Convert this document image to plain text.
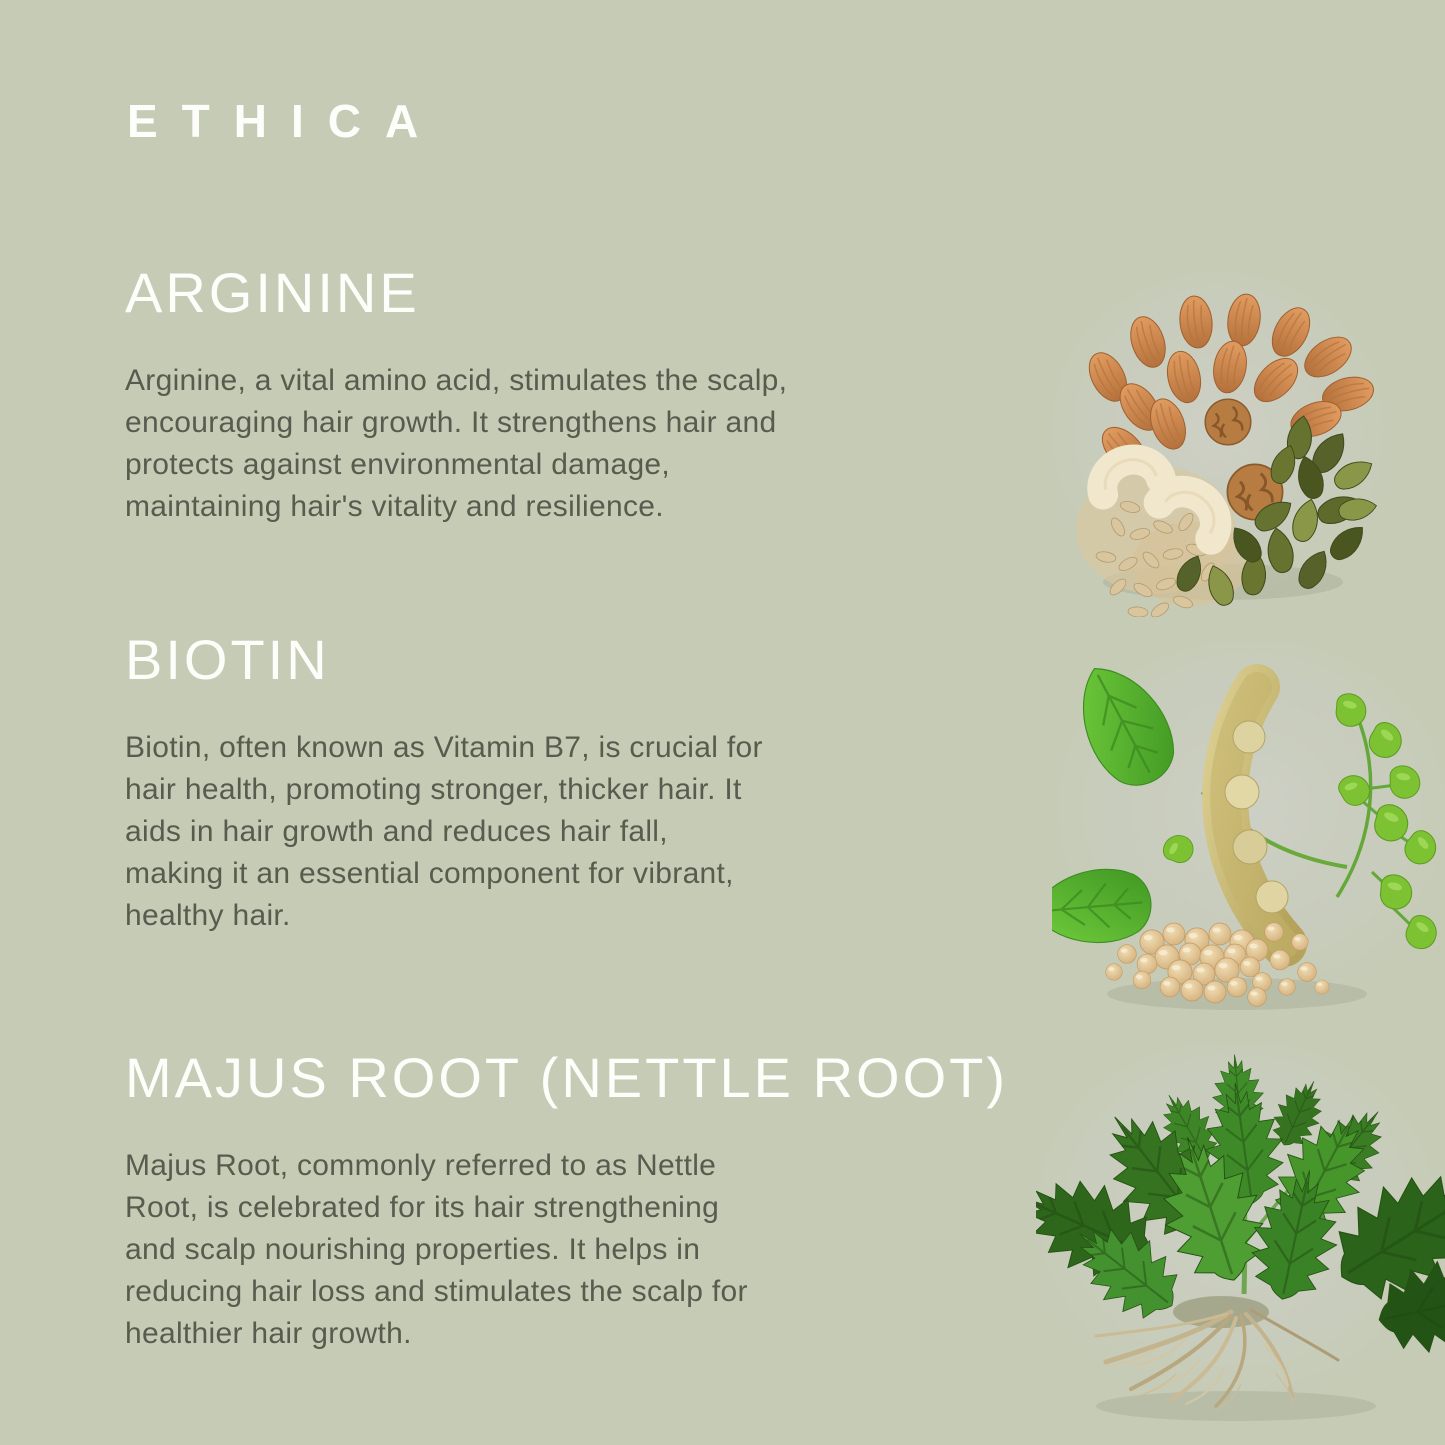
ETHICA
ARGININE
Arginine, a vital amino acid, stimulates the scalp,
encouraging hair growth. It strengthens hair and
protects against environmental damage,
maintaining hair's vitality and resilience.
BIOTIN
Biotin, often known as Vitamin B7, is crucial for
hair health, promoting stronger, thicker hair. It
aids in hair growth and reduces hair fall,
making it an essential component for vibrant,
healthy hair.
MAJUS ROOT (NETTLE ROOT)
Majus Root, commonly referred to as Nettle
Root, is celebrated for its hair strengthening
and scalp nourishing properties. It helps in
reducing hair loss and stimulates the scalp for
healthier hair growth.
